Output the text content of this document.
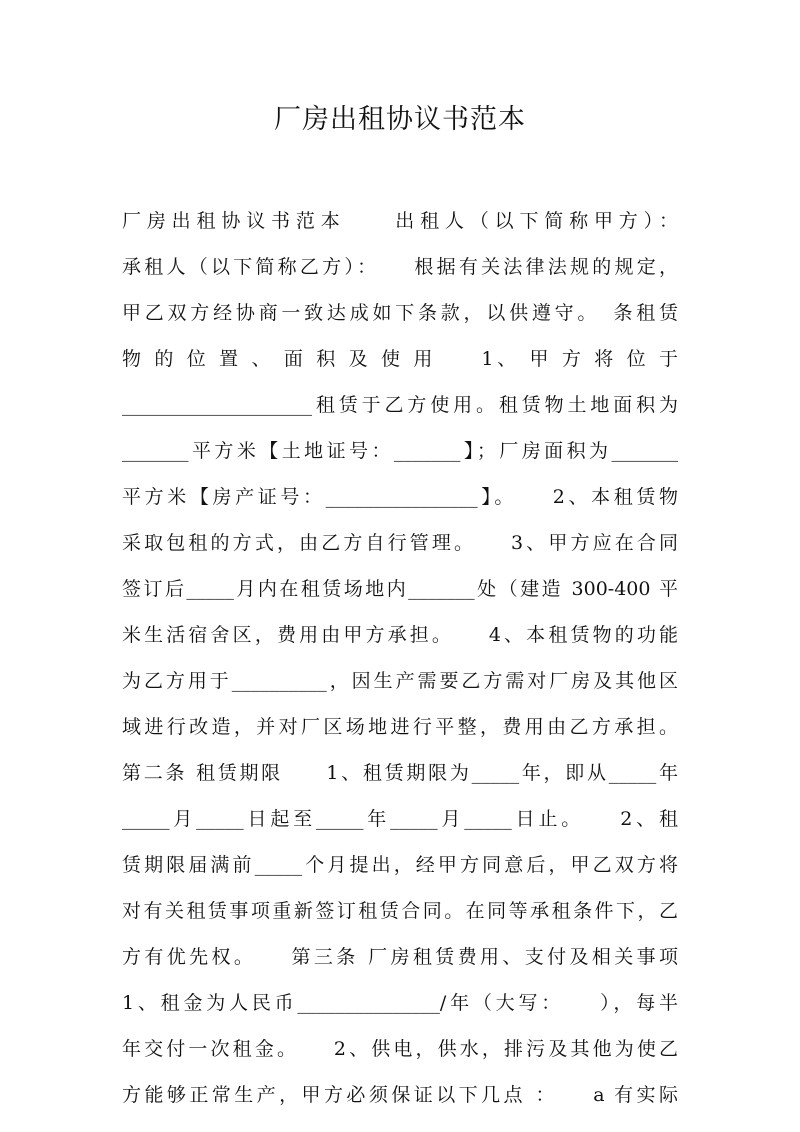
厂房出租协议书范本
厂房出租协议书范本　　出租人（以下简称甲方）：
承租人（以下简称乙方）：　　根据有关法律法规的规定，
甲乙双方经协商一致达成如下条款，以供遵守。　条租赁
物 的 位 置 、 面 积 及 使 用　　1、 甲 方 将 位 于
____________________租赁于乙方使用。租赁物土地面积为
_______平方米【土地证号：_______】；厂房面积为_______
平方米【房产证号：________________】。　　2、本租赁物
采取包租的方式，由乙方自行管理。　　3、甲方应在合同
签订后_____月内在租赁场地内_______处（建造 300-400 平
米生活宿舍区，费用由甲方承担。　　4、本租赁物的功能
为乙方用于__________，因生产需要乙方需对厂房及其他区
域进行改造，并对厂区场地进行平整，费用由乙方承担。
第二条 租赁期限　　1、租赁期限为_____年，即从_____年
_____月_____日起至_____年_____月_____日止。　　2、租
赁期限届满前_____个月提出，经甲方同意后，甲乙双方将
对有关租赁事项重新签订租赁合同。在同等承租条件下，乙
方有优先权。　　第三条 厂房租赁费用、支付及相关事项
1、租金为人民币_______________/年（大写：　　），每半
年交付一次租金。　　2、供电，供水，排污及其他为使乙
方能够正常生产，甲方必须保证以下几点 ：　　a 有实际
